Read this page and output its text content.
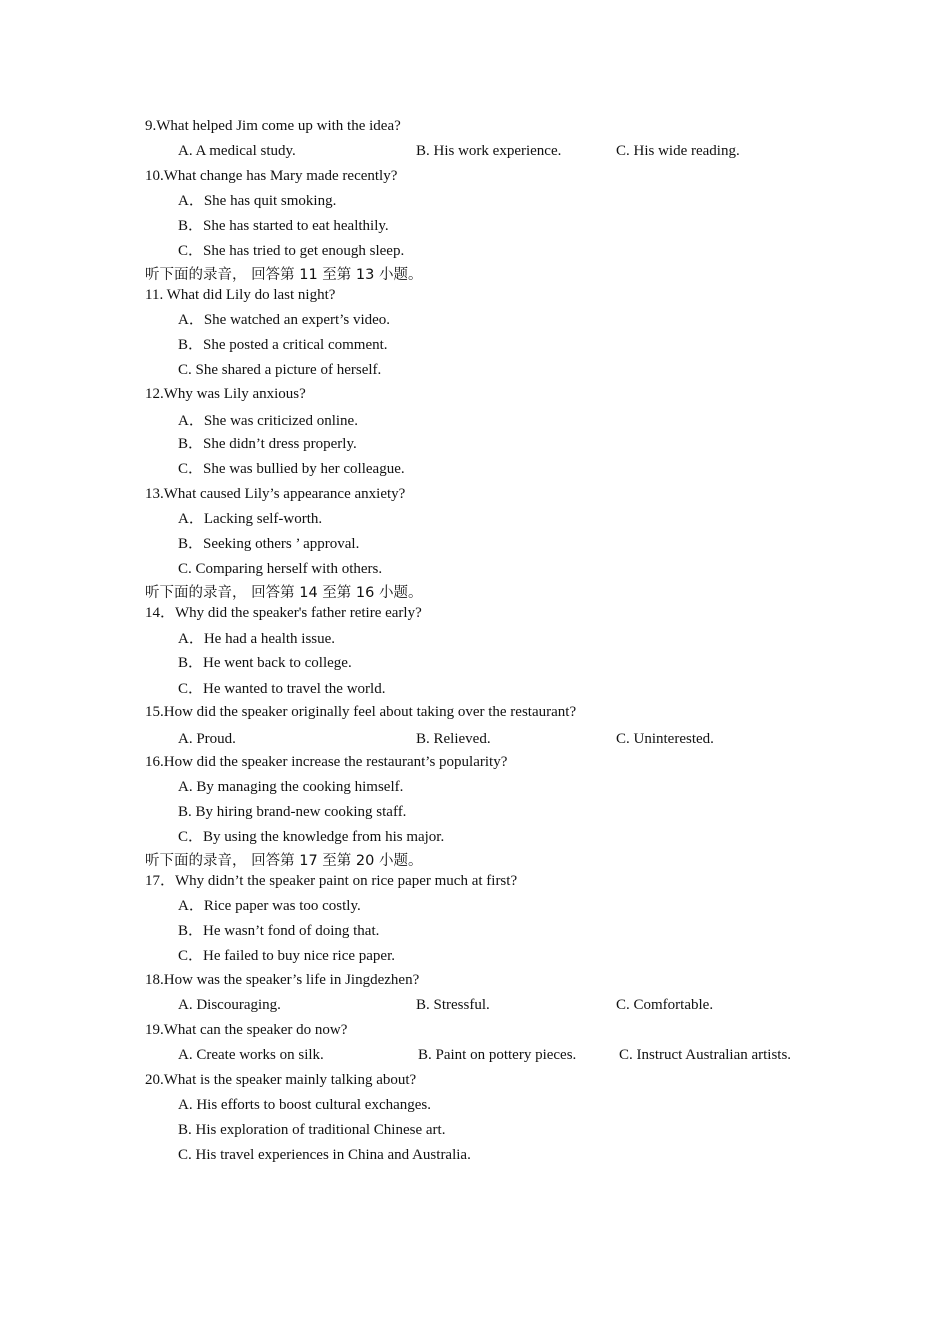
9.What helped Jim come up with the idea?
A. A medical study.	B. His work experience.	C. His wide reading.
10.What change has Mary made recently?
A．She has quit smoking.
B．She has started to eat healthily.
C．She has tried to get enough sleep.
听下面的录音， 回答第 11 至第 13 小题。
11. What did Lily do last night?
A．She watched an expert’s video.
B．She posted a critical comment.
C. She shared a picture of herself.
12.Why was Lily anxious?
A．She was criticized online.
B．She didn’t dress properly.
C．She was bullied by her colleague.
13.What caused Lily’s appearance anxiety?
A．Lacking self-worth.
B．Seeking others ’ approval.
C. Comparing herself with others.
听下面的录音， 回答第 14 至第 16 小题。
14．Why did the speaker's father retire early?
A．He had a health issue.
B．He went back to college.
C．He wanted to travel the world.
15.How did the speaker originally feel about taking over the restaurant?
A. Proud.	B. Relieved.	C. Uninterested.
16.How did the speaker increase the restaurant’s popularity?
A. By managing the cooking himself.
B. By hiring brand-new cooking staff.
C．By using the knowledge from his major.
听下面的录音， 回答第 17 至第 20 小题。
17．Why didn’t the speaker paint on rice paper much at first?
A．Rice paper was too costly.
B．He wasn’t fond of doing that.
C．He failed to buy nice rice paper.
18.How was the speaker’s life in Jingdezhen?
A. Discouraging.	B. Stressful.	C. Comfortable.
19.What can the speaker do now?
A. Create works on silk.	B. Paint on pottery pieces.	C. Instruct Australian artists.
20.What is the speaker mainly talking about?
A. His efforts to boost cultural exchanges.
B. His exploration of traditional Chinese art.
C. His travel experiences in China and Australia.
